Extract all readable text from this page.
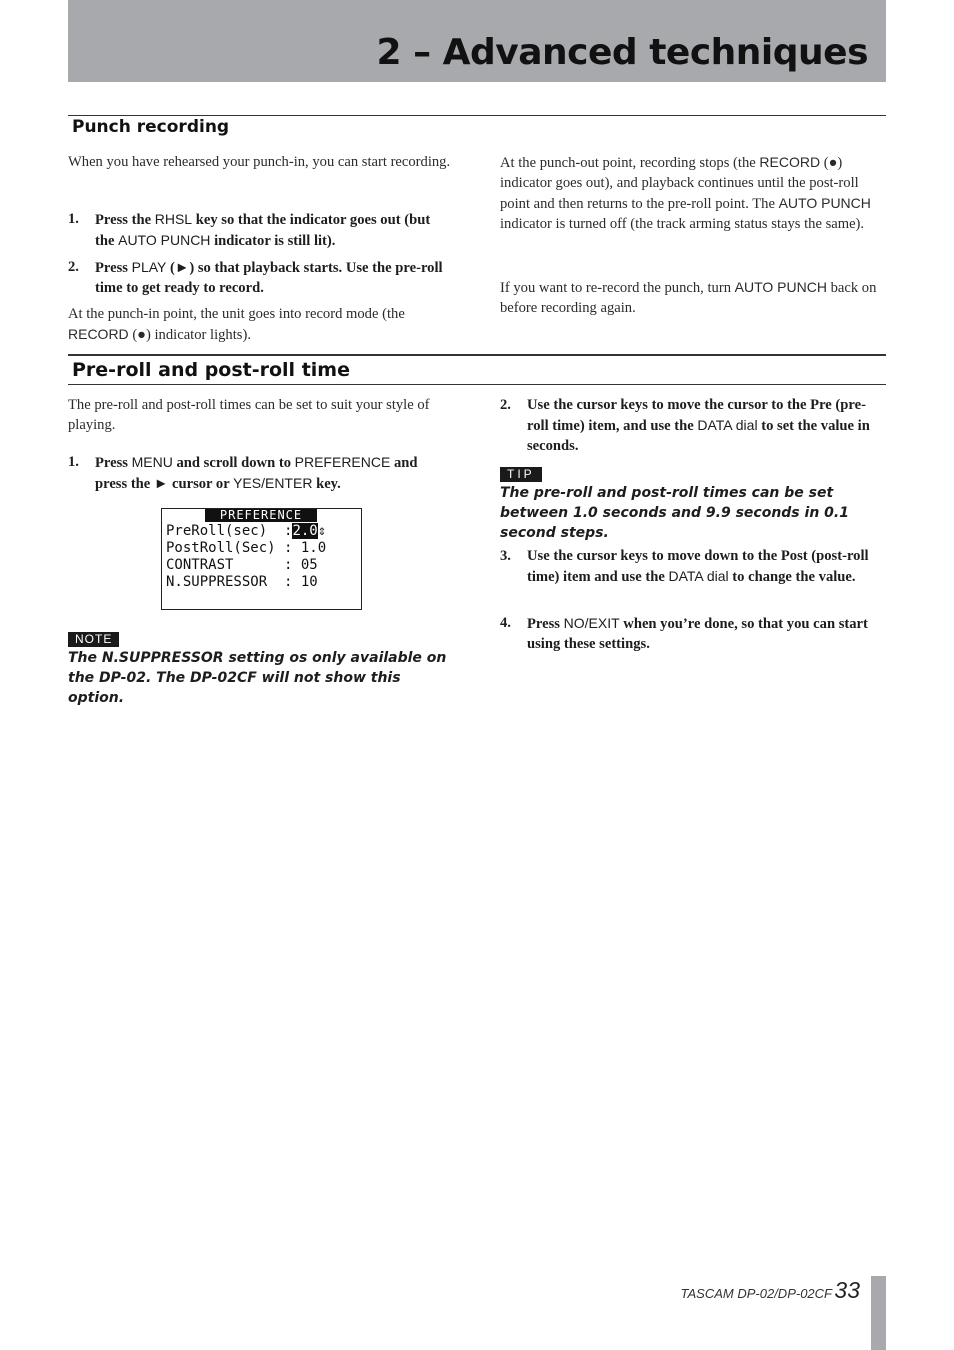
2 – Advanced techniques
Punch recording

When you have rehearsed your punch-in, you can start recording.

1.	Press the RHSL key so that the indicator goes out (but the AUTO PUNCH indicator is still lit).
2.	Press PLAY (►) so that playback starts. Use the pre-roll time to get ready to record.

At the punch-in point, the unit goes into record mode (the RECORD (●) indicator lights).

At the punch-out point, recording stops (the RECORD (●) indicator goes out), and playback continues until the post-roll point and then returns to the pre-roll point. The AUTO PUNCH indicator is turned off (the track arming status stays the same).

If you want to re-record the punch, turn AUTO PUNCH back on before recording again.

Pre-roll and post-roll time

The pre-roll and post-roll times can be set to suit your style of playing.

1.	Press MENU and scroll down to PREFERENCE and press the ► cursor or YES/ENTER key.
PREFERENCE
PreRoll(sec)  :2.0⇕
PostRoll(Sec) : 1.0
CONTRAST      : 05
N.SUPPRESSOR  : 10
NOTE

The N.SUPPRESSOR setting os only available on the DP-02. The DP-02CF will not show this option.

2.	Use the cursor keys to move the cursor to the Pre (pre-roll time) item, and use the DATA dial to set the value in seconds.
TIP

The pre-roll and post-roll times can be set between 1.0 seconds and 9.9 seconds in 0.1 second steps.

3.	Use the cursor keys to move down to the Post (post-roll time) item and use the DATA dial to change the value.
4.	Press NO/EXIT when you’re done, so that you can start using these settings.
TASCAM DP-02/DP-02CF 33
